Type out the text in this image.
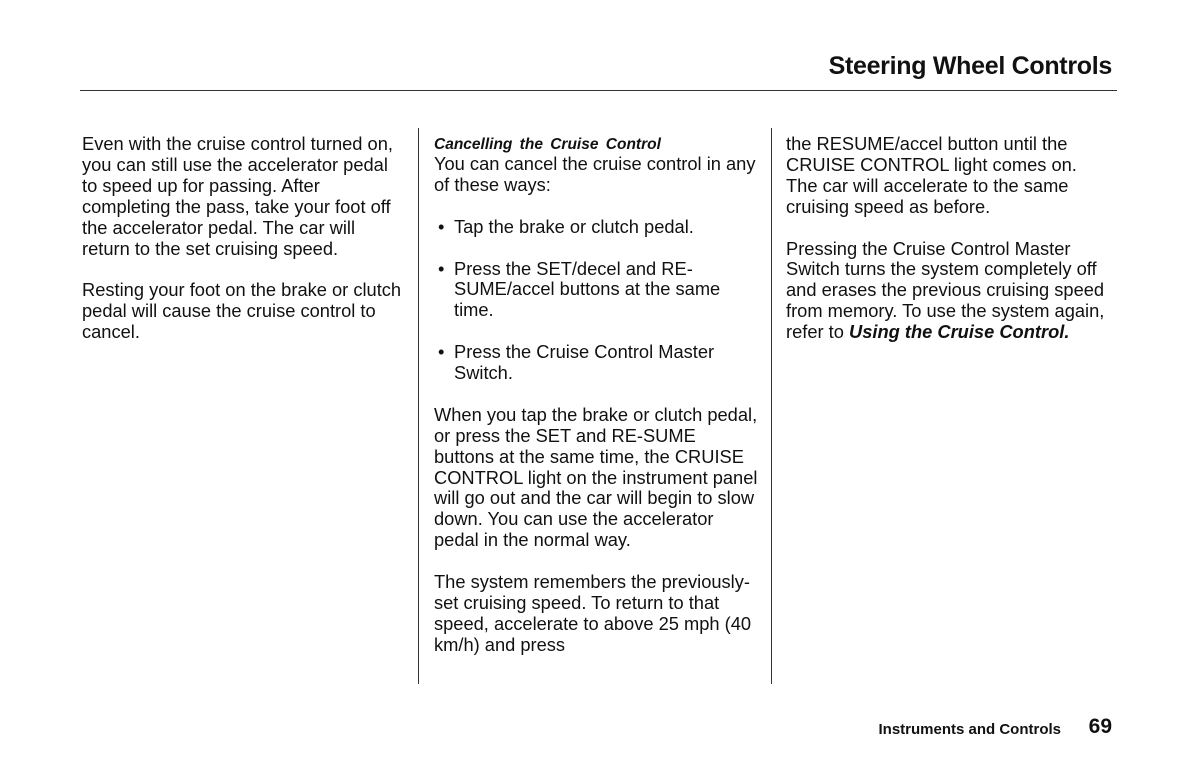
Steering Wheel Controls

Even with the cruise control turned on, you can still use the accelerator pedal to speed up for passing. After completing the pass, take your foot off the accelerator pedal. The car will return to the set cruising speed.

Resting your foot on the brake or clutch pedal will cause the cruise control to cancel.

Cancelling the Cruise Control

You can cancel the cruise control in any of these ways:

• Tap the brake or clutch pedal.
• Press the SET/decel and RE-SUME/accel buttons at the same time.
• Press the Cruise Control Master Switch.

When you tap the brake or clutch pedal, or press the SET and RE-SUME buttons at the same time, the CRUISE CONTROL light on the instrument panel will go out and the car will begin to slow down. You can use the accelerator pedal in the normal way.

The system remembers the previously-set cruising speed. To return to that speed, accelerate to above 25 mph (40 km/h) and press

the RESUME/accel button until the CRUISE CONTROL light comes on. The car will accelerate to the same cruising speed as before.

Pressing the Cruise Control Master Switch turns the system completely off and erases the previous cruising speed from memory. To use the system again, refer to Using the Cruise Control.

Instruments and Controls 69
